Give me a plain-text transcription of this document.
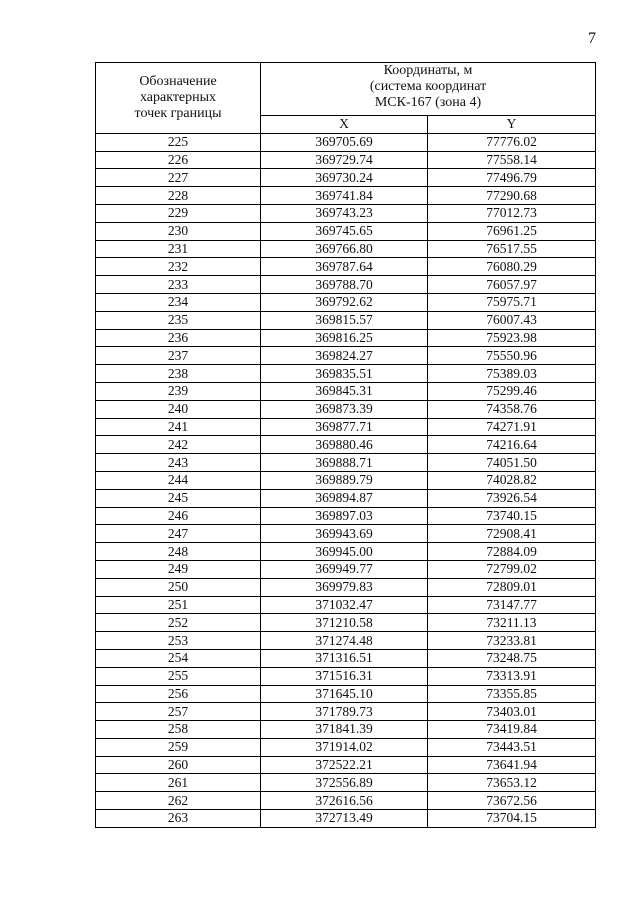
7
Обозначение
характерных
точек границы	Координаты, м
(система координат
МСК-167 (зона 4)	

	X	Y
225	369705.69	77776.02
226	369729.74	77558.14
227	369730.24	77496.79
228	369741.84	77290.68
229	369743.23	77012.73
230	369745.65	76961.25
231	369766.80	76517.55
232	369787.64	76080.29
233	369788.70	76057.97
234	369792.62	75975.71
235	369815.57	76007.43
236	369816.25	75923.98
237	369824.27	75550.96
238	369835.51	75389.03
239	369845.31	75299.46
240	369873.39	74358.76
241	369877.71	74271.91
242	369880.46	74216.64
243	369888.71	74051.50
244	369889.79	74028.82
245	369894.87	73926.54
246	369897.03	73740.15
247	369943.69	72908.41
248	369945.00	72884.09
249	369949.77	72799.02
250	369979.83	72809.01
251	371032.47	73147.77
252	371210.58	73211.13
253	371274.48	73233.81
254	371316.51	73248.75
255	371516.31	73313.91
256	371645.10	73355.85
257	371789.73	73403.01
258	371841.39	73419.84
259	371914.02	73443.51
260	372522.21	73641.94
261	372556.89	73653.12
262	372616.56	73672.56
263	372713.49	73704.15
